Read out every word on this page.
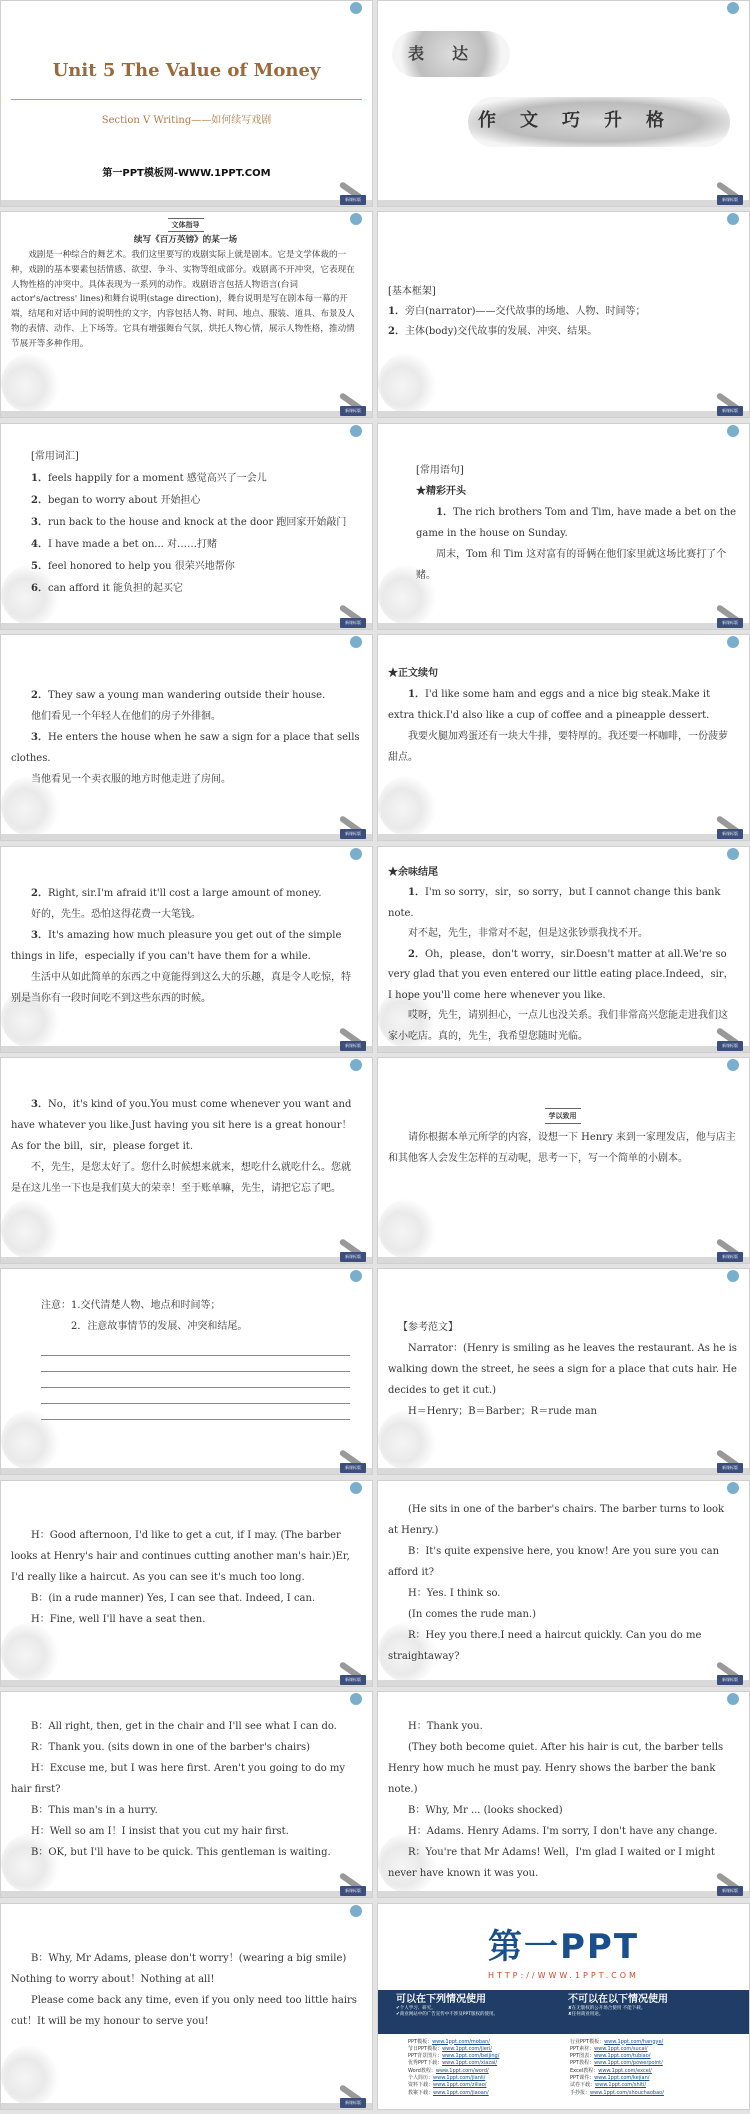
Unit 5 The Value of Money
Section Ⅴ Writing——如何续写戏剧
第一PPT模板网-WWW.1PPT.COM
新课标版
表 达
作 文 巧 升 格
新课标版
文体指导
续写《百万英镑》的某一场

戏剧是一种综合的舞艺术。我们这里要写的戏剧实际上就是剧本。它是文学体裁的一种，戏剧的基本要素包括情感、欲望、争斗、实物等组成部分。戏剧离不开冲突，它表现在人物性格的冲突中。具体表现为一系列的动作。戏剧语言包括人物语言(台词 actor's/actress' lines)和舞台说明(stage direction)，舞台说明是写在剧本每一幕的开端，结尾和对话中间的说明性的文字，内容包括人物、时间、地点、服装、道具、布景及人物的表情、动作、上下场等。它具有增强舞台气氛，烘托人物心情，展示人物性格，推动情节展开等多种作用。

新课标版
[基本框架]
1．旁白(narrator)——交代故事的场地、人物、时间等；
2．主体(body)交代故事的发展、冲突、结果。
新课标版
[常用词汇]
1．feels happily for a moment 感觉高兴了一会儿
2．began to worry about 开始担心
3．run back to the house and knock at the door 跑回家开始敲门
4．I have made a bet on... 对……打赌
5．feel honored to help you 很荣兴地帮你
6．can afford it 能负担的起买它
新课标版
[常用语句]
★精彩开头

1．The rich brothers Tom and Tim, have made a bet on the game in the house on Sunday.

周末，Tom 和 Tim 这对富有的哥俩在他们家里就这场比赛打了个赌。

新课标版

2．They saw a young man wandering outside their house.

他们看见一个年轻人在他们的房子外徘徊。

3．He enters the house when he saw a sign for a place that sells clothes.

当他看见一个卖衣服的地方时他走进了房间。

新课标版
★正文续句

1．I'd like some ham and eggs and a nice big steak.Make it extra thick.I'd also like a cup of coffee and a pineapple dessert.

我要火腿加鸡蛋还有一块大牛排，要特厚的。我还要一杯咖啡，一份菠萝甜点。

新课标版

2．Right, sir.I'm afraid it'll cost a large amount of money.

好的，先生。恐怕这得花费一大笔钱。

3．It's amazing how much pleasure you get out of the simple things in life，especially if you can't have them for a while.

生活中从如此简单的东西之中竟能得到这么大的乐趣，真是令人吃惊，特别是当你有一段时间吃不到这些东西的时候。

新课标版
★余味结尾

1．I'm so sorry，sir，so sorry，but I cannot change this bank note.

对不起，先生，非常对不起，但是这张钞票我找不开。

2．Oh，please，don't worry，sir.Doesn't matter at all.We're so very glad that you even entered our little eating place.Indeed，sir，I hope you'll come here whenever you like.

哎呀，先生，请别担心，一点儿也没关系。我们非常高兴您能走进我们这家小吃店。真的，先生，我希望您随时光临。

新课标版

3．No，it's kind of you.You must come whenever you want and have whatever you like.Just having you sit here is a great honour！As for the bill，sir，please forget it.

不，先生，是您太好了。您什么时候想来就来，想吃什么就吃什么。您就是在这儿坐一下也是我们莫大的荣幸！至于账单嘛，先生，请把它忘了吧。

新课标版
学以致用

请你根据本单元所学的内容，设想一下 Henry 来到一家理发店，他与店主和其他客人会发生怎样的互动呢，思考一下，写一个简单的小剧本。

新课标版
注意：1.交代清楚人物、地点和时间等；
2．注意故事情节的发展、冲突和结尾。
新课标版
【参考范文】

Narrator：(Henry is smiling as he leaves the restaurant. As he is walking down the street, he sees a sign for a place that cuts hair. He decides to get it cut.)

H＝Henry；B＝Barber；R＝rude man

新课标版

H：Good afternoon, I'd like to get a cut, if I may. (The barber looks at Henry's hair and continues cutting another man's hair.)Er, I'd really like a haircut. As you can see it's much too long.

B：(in a rude manner) Yes, I can see that. Indeed, I can.

H：Fine, well I'll have a seat then.

新课标版

(He sits in one of the barber's chairs. The barber turns to look at Henry.)

B：It's quite expensive here, you know! Are you sure you can afford it?

H：Yes. I think so.

(In comes the rude man.)

R：Hey you there.I need a haircut quickly. Can you do me straightaway?

新课标版

B：All right, then, get in the chair and I'll see what I can do.

R：Thank you. (sits down in one of the barber's chairs)

H：Excuse me, but I was here first. Aren't you going to do my hair first?

B：This man's in a hurry.

H：Well so am I！I insist that you cut my hair first.

B：OK, but I'll have to be quick. This gentleman is waiting.

新课标版

H：Thank you.

(They both become quiet. After his hair is cut, the barber tells Henry how much he must pay. Henry shows the barber the bank note.)

B：Why, Mr ... (looks shocked)

H：Adams. Henry Adams. I'm sorry, I don't have any change.

R：You're that Mr Adams! Well，I'm glad I waited or I might never have known it was you.

新课标版

B：Why, Mr Adams, please don't worry！(wearing a big smile) Nothing to worry about！Nothing at all!

Please come back any time, even if you only need too little hairs cut！It will be my honour to serve you!

新课标版
第一PPT
HTTP://WWW.1PPT.COM
可以在下列情况使用
✔个人学习、研究。
✔商业网站中的广告宣传中不涉及PPT版权的使用。
不可以在以下情况使用
✘在无版权的公开场合使用 不能下载。
✘任何商业用途。
PPT模板：www.1ppt.com/moban/
节日PPT模板：www.1ppt.com/jieri/
PPT背景图片：www.1ppt.com/beijing/
优秀PPT下载：www.1ppt.com/xiazai/
Word教程：www.1ppt.com/word/
个人简历：www.1ppt.com/jianli/
资料下载：www.1ppt.com/ziliao/
教案下载：www.1ppt.com/jiaoan/
行业PPT模板：www.1ppt.com/hangye/
PPT素材：www.1ppt.com/sucai/
PPT图表：www.1ppt.com/tubiao/
PPT教程：www.1ppt.com/powerpoint/
Excel教程：www.1ppt.com/excel/
PPT课件：www.1ppt.com/kejian/
试卷下载：www.1ppt.com/shiti/
手抄报：www.1ppt.com/shouchaobao/
